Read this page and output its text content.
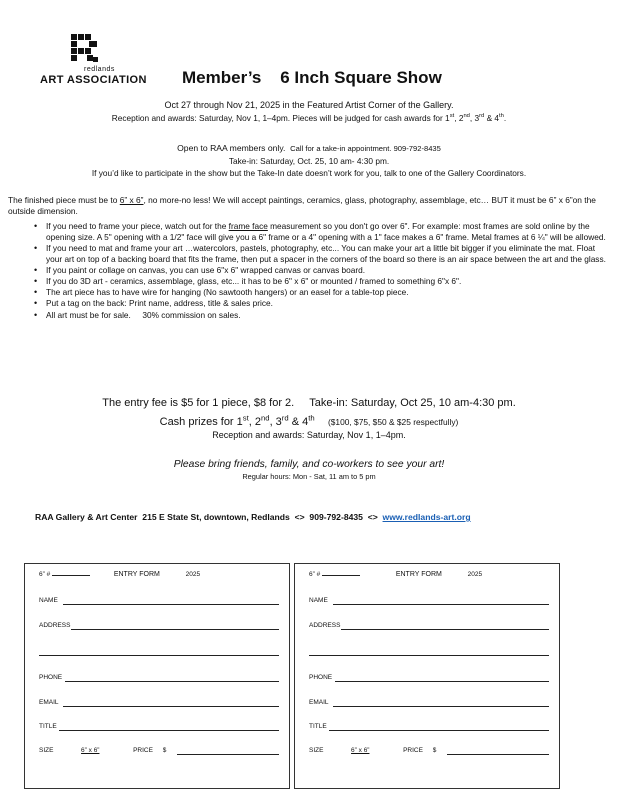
redlands
ART ASSOCIATION Member’s    6 Inch Square Show
Oct 27 through Nov 21, 2025 in the Featured Artist Corner of the Gallery.
Reception and awards: Saturday, Nov 1, 1–4pm. Pieces will be judged for cash awards for 1st, 2nd, 3rd & 4th.
Open to RAA members only. Call for a take-in appointment. 909-792-8435
Take-in: Saturday, Oct. 25, 10 am- 4:30 pm.
If you’d like to participate in the show but the Take-In date doesn’t work for you, talk to one of the Gallery Coordinators.
The finished piece must be to 6” x 6”, no more-no less! We will accept paintings, ceramics, glass, photography, assemblage, etc… BUT it must be 6” x 6”on the outside dimension.
• If you need to frame your piece, watch out for the frame face measurement so you don't go over 6". For example: most frames are sold online by the opening size. A 5" opening with a 1/2" face will give you a 6" frame or a 4" opening with a 1" face makes a 6" frame. Metal frames at 6 ¼" will be allowed.
• If you need to mat and frame your art …watercolors, pastels, photography, etc... You can make your art a little bit bigger if you eliminate the mat. Float your art on top of a backing board that fits the frame, then put a spacer in the corners of the board so there is an air space between the art and the glass.
• If you paint or collage on canvas, you can use 6"x 6" wrapped canvas or canvas board.
• If you do 3D art - ceramics, assemblage, glass, etc... it has to be 6" x 6" or mounted / framed to something 6"x 6".
• The art piece has to have wire for hanging (No sawtooth hangers) or an easel for a table-top piece.
• Put a tag on the back: Print name, address, title & sales price.
• All art must be for sale.     30% commission on sales.
The entry fee is $5 for 1 piece, $8 for 2.     Take-in: Saturday, Oct 25, 10 am-4:30 pm.
Cash prizes for 1st, 2nd, 3rd & 4th ($100, $75, $50 & $25 respectfully)
Reception and awards: Saturday, Nov 1, 1–4pm.
Please bring friends, family, and co-workers to see your art!
Regular hours: Mon - Sat, 11 am to 5 pm
RAA Gallery & Art Center  215 E State St, downtown, Redlands  <>  909-792-8435  <>  www.redlands-art.org
6” #	ENTRY FORM	2025
NAME
ADDRESS
PHONE
EMAIL
TITLE
SIZE	6” x 6”	PRICE $
6” #	ENTRY FORM	2025
NAME
ADDRESS
PHONE
EMAIL
TITLE
SIZE	6” x 6”	PRICE $
